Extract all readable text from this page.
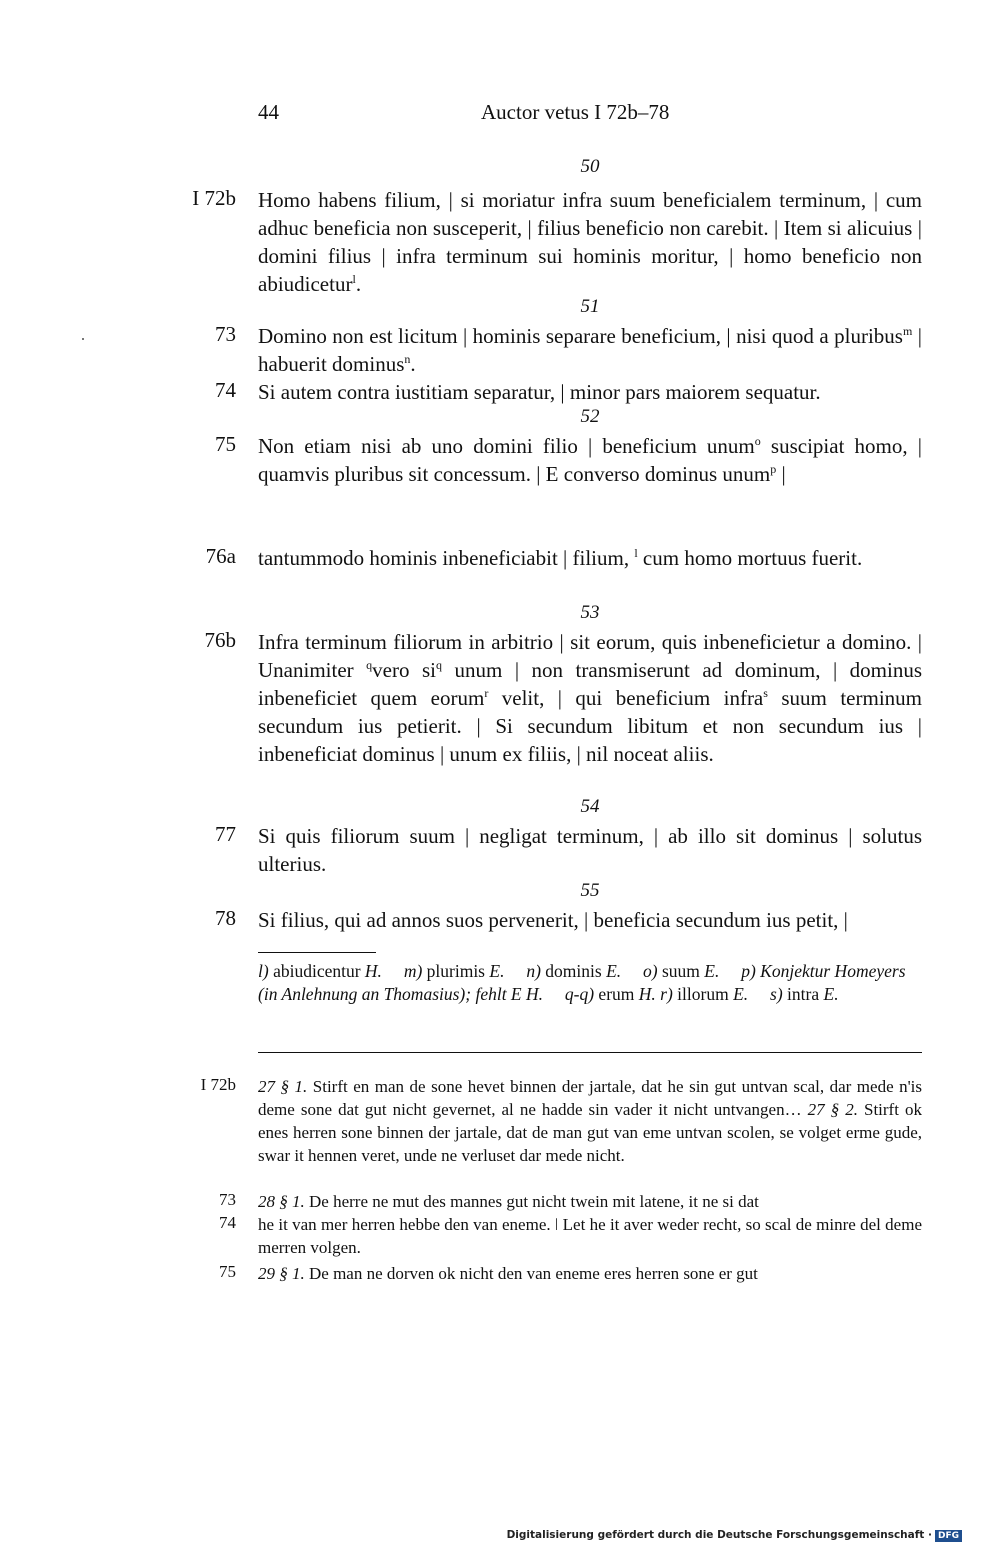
44	Auctor vetus I 72b–78
50
I 72b Homo habens filium, | si moriatur infra suum beneficialem terminum, | cum adhuc beneficia non susceperit, | filius beneficio non carebit. | Item si alicuius | domini filius | infra terminum sui hominis moritur, | homo beneficio non abiudicetur$^l$.
51
73 Domino non est licitum | hominis separare beneficium, | nisi quod a pluribus$^m$ | habuerit dominus$^n$.
74 Si autem contra iustitiam separatur, | minor pars maiorem sequatur.
52
75 Non etiam nisi ab uno domini filio | beneficium unum$^o$ suscipiat homo, | quamvis pluribus sit concessum. | E converso dominus unum$^p$ |
76a tantummodo hominis inbeneficiabit | filium, $^l$ cum homo mortuus fuerit.
53
76b Infra terminum filiorum in arbitrio | sit eorum, quis inbeneficietur a domino. | Unanimiter $^q$vero $si^q$ unum | non transmiserunt ad dominum, | dominus inbeneficiet quem eorum$^r$ velit, | qui beneficium infra$^s$ suum terminum secundum ius petierit. | Si secundum libitum et non secundum ius | inbeneficiat dominus | unum ex filiis, | nil noceat aliis.
54
77 Si quis filiorum suum | negligat terminum, | ab illo sit dominus | solutus ulterius.
55
78 Si filius, qui ad annos suos pervenerit, | beneficia secundum ius petit, |
l) abiudicentur H. m) plurimis E. n) dominis E. o) suum E. p) Konjektur Homeyers (in Anlehnung an Thomasius); fehlt E H. q-q) erum H. r) illorum E. s) intra E.
I 72b 27 § 1. Stirft en man de sone hevet binnen der jartale, dat he sin gut untvan scal, dar mede n'is deme sone dat gut nicht gevernet, al ne hadde sin vader it nicht untvangen… 27 § 2. Stirft ok enes herren sone binnen der jartale, dat de man gut van eme untvan scolen, se volget erme gude, swar it hennen veret, unde ne verluset dar mede nicht.
73 28 § 1. De herre ne mut des mannes gut nicht twein mit latene, it ne si dat
74 he it van mer herren hebbe den van eneme. ǀ Let he it aver weder recht, so scal de minre del deme merren volgen.
75 29 § 1. De man ne dorven ok nicht den van eneme eres herren sone er gut
Digitalisierung gefördert durch die Deutsche Forschungsgemeinschaft · DFG
